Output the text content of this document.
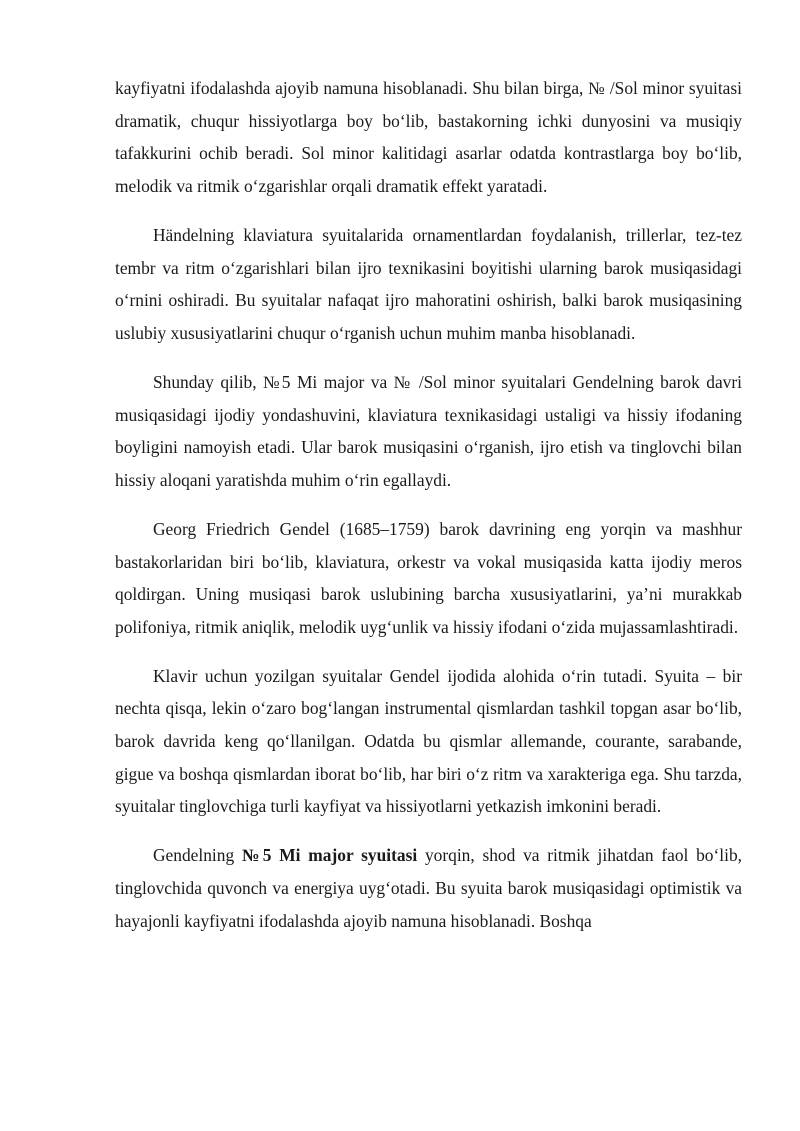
kayfiyatni ifodalashda ajoyib namuna hisoblanadi. Shu bilan birga, № /Sol minor syuitasi dramatik, chuqur hissiyotlarga boy bo‘lib, bastakorning ichki dunyosini va musiqiy tafakkurini ochib beradi. Sol minor kalitidagi asarlar odatda kontrastlarga boy bo‘lib, melodik va ritmik o‘zgarishlar orqali dramatik effekt yaratadi.

Händelning klaviatura syuitalarida ornamentlardan foydalanish, trillerlar, tez-tez tembr va ritm o‘zgarishlari bilan ijro texnikasini boyitishi ularning barok musiqasidagi o‘rnini oshiradi. Bu syuitalar nafaqat ijro mahoratini oshirish, balki barok musiqasining uslubiy xususiyatlarini chuqur o‘rganish uchun muhim manba hisoblanadi.

Shunday qilib, №5 Mi major va № /Sol minor syuitalari Gendelning barok davri musiqasidagi ijodiy yondashuvini, klaviatura texnikasidagi ustaligi va hissiy ifodaning boyligini namoyish etadi. Ular barok musiqasini o‘rganish, ijro etish va tinglovchi bilan hissiy aloqani yaratishda muhim o‘rin egallaydi.

Georg Friedrich Gendel (1685–1759) barok davrining eng yorqin va mashhur bastakorlaridan biri bo‘lib, klaviatura, orkestr va vokal musiqasida katta ijodiy meros qoldirgan. Uning musiqasi barok uslubining barcha xususiyatlarini, ya’ni murakkab polifoniya, ritmik aniqlik, melodik uyg‘unlik va hissiy ifodani o‘zida mujassamlashtiradi.

Klavir uchun yozilgan syuitalar Gendel ijodida alohida o‘rin tutadi. Syuita – bir nechta qisqa, lekin o‘zaro bog‘langan instrumental qismlardan tashkil topgan asar bo‘lib, barok davrida keng qo‘llanilgan. Odatda bu qismlar allemande, courante, sarabande, gigue va boshqa qismlardan iborat bo‘lib, har biri o‘z ritm va xarakteriga ega. Shu tarzda, syuitalar tinglovchiga turli kayfiyat va hissiyotlarni yetkazish imkonini beradi.

Gendelning №5 Mi major syuitasi yorqin, shod va ritmik jihatdan faol bo‘lib, tinglovchida quvonch va energiya uyg‘otadi. Bu syuita barok musiqasidagi optimistik va hayajonli kayfiyatni ifodalashda ajoyib namuna hisoblanadi. Boshqa
